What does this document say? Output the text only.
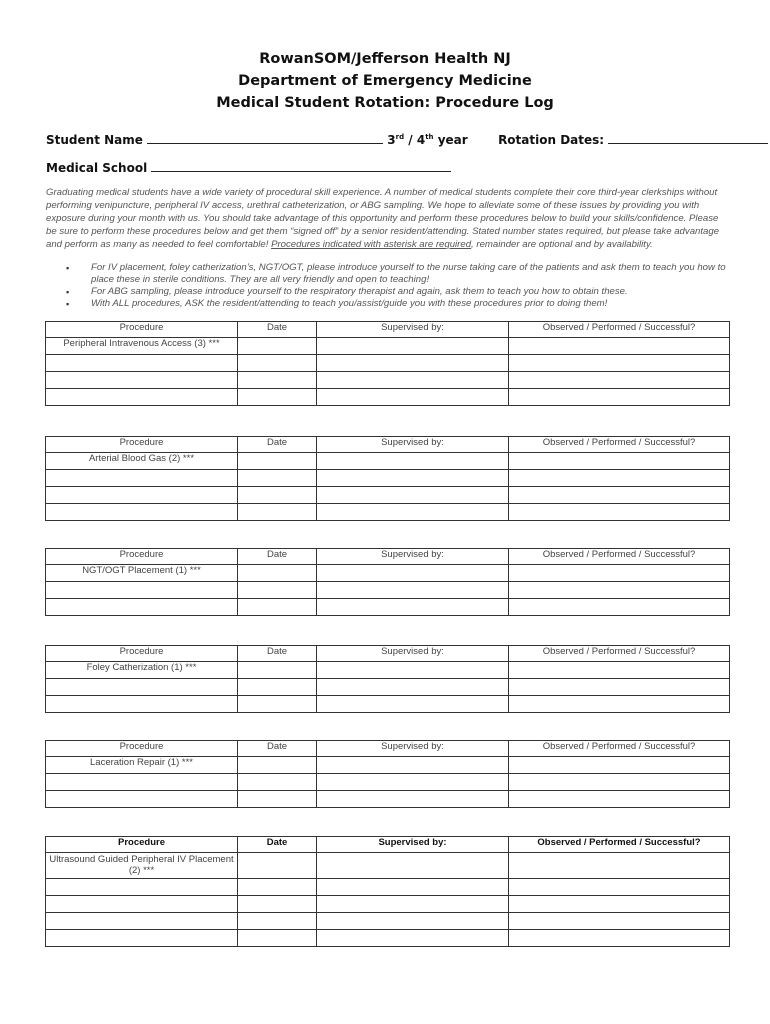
RowanSOM/Jefferson Health NJ
Department of Emergency Medicine
Medical Student Rotation: Procedure Log
Student Name	3rd / 4th year	Rotation Dates:
Medical School
Graduating medical students have a wide variety of procedural skill experience. A number of medical students complete their core third-year clerkships without performing venipuncture, peripheral IV access, urethral catheterization, or ABG sampling. We hope to alleviate some of these issues by providing you with exposure during your month with us. You should take advantage of this opportunity and perform these procedures below to build your skills/confidence. Please be sure to perform these procedures below and get them “signed off” by a senior resident/attending. Stated number states required, but please take advantage and perform as many as needed to feel comfortable! Procedures indicated with asterisk are required, remainder are optional and by availability.
▪ For IV placement, foley catherization’s, NGT/OGT, please introduce yourself to the nurse taking care of the patients and ask them to teach you how to place these in sterile conditions. They are all very friendly and open to teaching!
▪ For ABG sampling, please introduce yourself to the respiratory therapist and again, ask them to teach you how to obtain these.
▪ With ALL procedures, ASK the resident/attending to teach you/assist/guide you with these procedures prior to doing them!
Procedure	Date	Supervised by:	Observed / Performed / Successful?
Peripheral Intravenous Access (3) ***			

Procedure	Date	Supervised by:	Observed / Performed / Successful?
Arterial Blood Gas (2) ***			

Procedure	Date	Supervised by:	Observed / Performed / Successful?
NGT/OGT Placement (1) ***			

Procedure	Date	Supervised by:	Observed / Performed / Successful?
Foley Catherization (1) ***			

Procedure	Date	Supervised by:	Observed / Performed / Successful?
Laceration Repair (1) ***			

Procedure	Date	Supervised by:	Observed / Performed / Successful?
Ultrasound Guided Peripheral IV Placement (2) ***			
